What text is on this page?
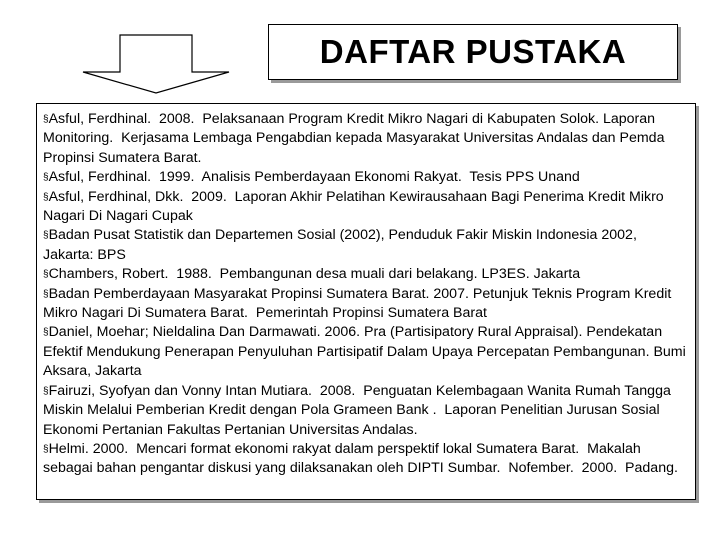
DAFTAR PUSTAKA
§Asful, Ferdhinal.  2008.  Pelaksanaan Program Kredit Mikro Nagari di Kabupaten Solok. Laporan Monitoring.  Kerjasama Lembaga Pengabdian kepada Masyarakat Universitas Andalas dan Pemda Propinsi Sumatera Barat.
§Asful, Ferdhinal.  1999.  Analisis Pemberdayaan Ekonomi Rakyat.  Tesis PPS Unand
§Asful, Ferdhinal, Dkk.  2009.  Laporan Akhir Pelatihan Kewirausahaan Bagi Penerima Kredit Mikro Nagari Di Nagari Cupak
§Badan Pusat Statistik dan Departemen Sosial (2002), Penduduk Fakir Miskin Indonesia 2002, Jakarta: BPS
§Chambers, Robert.  1988.  Pembangunan desa muali dari belakang. LP3ES. Jakarta
§Badan Pemberdayaan Masyarakat Propinsi Sumatera Barat. 2007. Petunjuk Teknis Program Kredit Mikro Nagari Di Sumatera Barat.  Pemerintah Propinsi Sumatera Barat
§Daniel, Moehar; Nieldalina Dan Darmawati. 2006. Pra (Partisipatory Rural Appraisal). Pendekatan Efektif Mendukung Penerapan Penyuluhan Partisipatif Dalam Upaya Percepatan Pembangunan. Bumi Aksara, Jakarta
§Fairuzi, Syofyan dan Vonny Intan Mutiara.  2008.  Penguatan Kelembagaan Wanita Rumah Tangga Miskin Melalui Pemberian Kredit dengan Pola Grameen Bank .  Laporan Penelitian Jurusan Sosial Ekonomi Pertanian Fakultas Pertanian Universitas Andalas.
§Helmi. 2000.  Mencari format ekonomi rakyat dalam perspektif lokal Sumatera Barat.  Makalah sebagai bahan pengantar diskusi yang dilaksanakan oleh DIPTI Sumbar.  Nofember.  2000.  Padang.
